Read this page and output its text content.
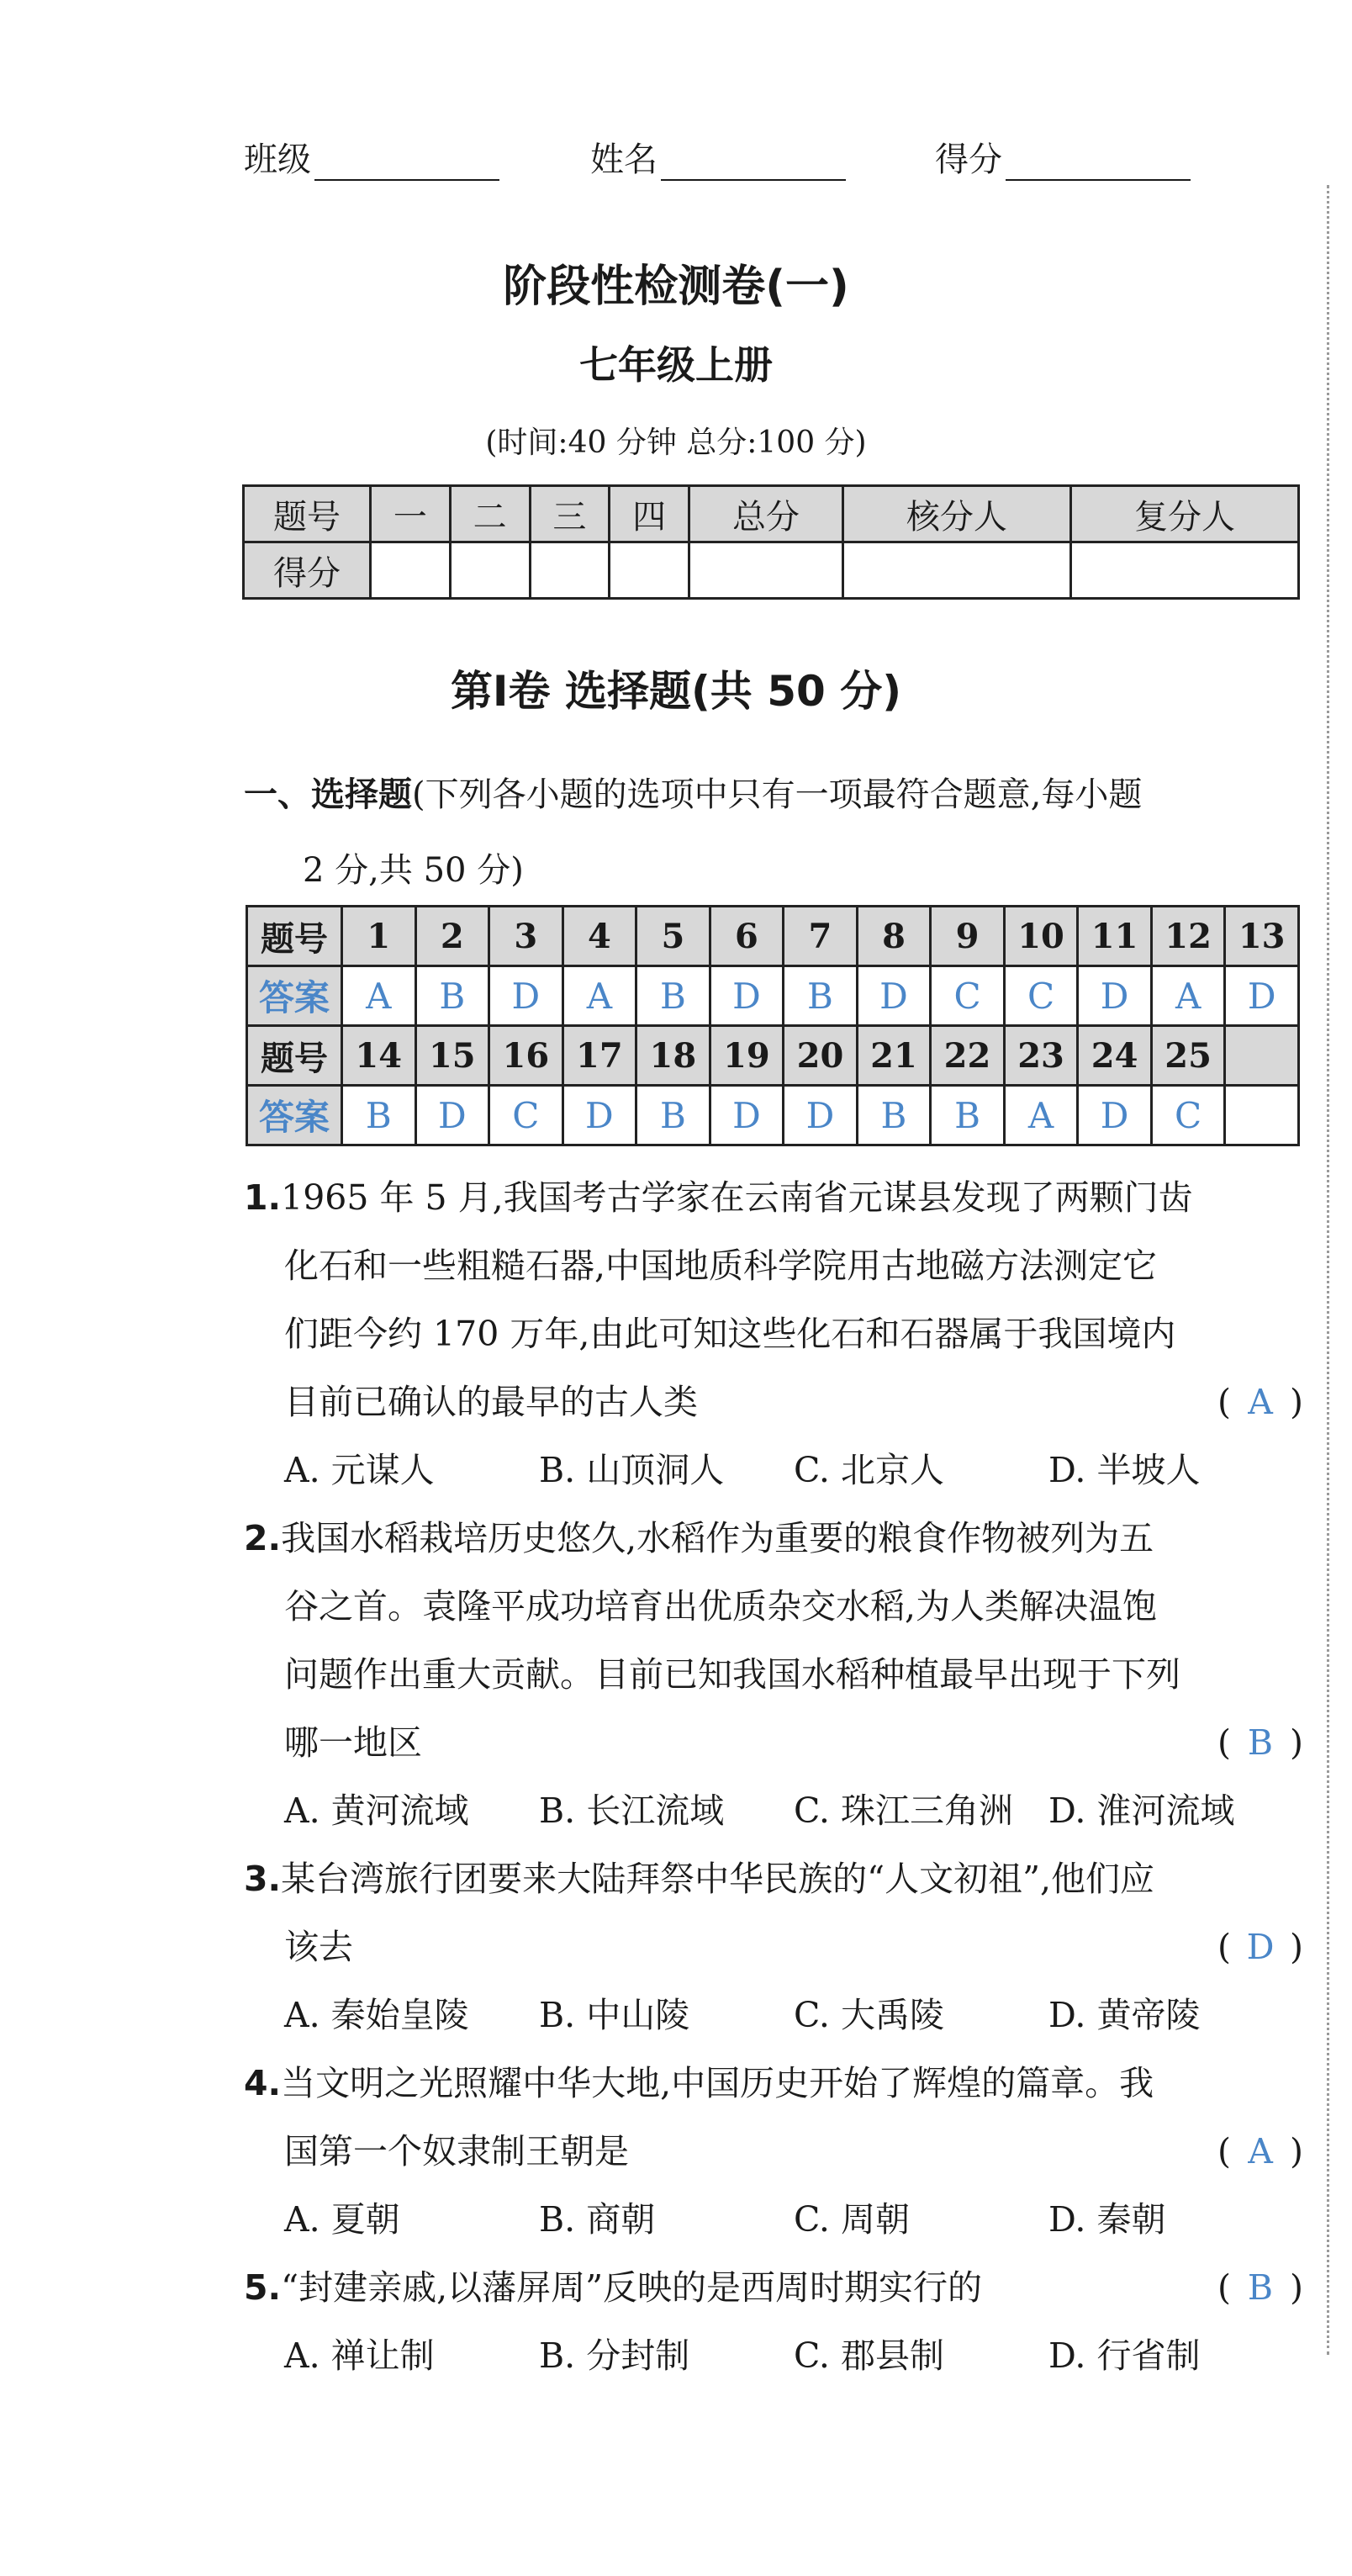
班级	姓名	得分
阶段性检测卷(一)
七年级上册
(时间:40 分钟 总分:100 分)
题号	一	二	三	四	总分	核分人	复分人
得分							
第Ⅰ卷 选择题(共 50 分)
一、选择题(下列各小题的选项中只有一项最符合题意,每小题
2 分,共 50 分)
题号	1	2	3	4	5	6	7	8	9	10	11	12	13
答案	A	B	D	A	B	D	B	D	C	C	D	A	D
题号	14	15	16	17	18	19	20	21	22	23	24	25	
答案	B	D	C	D	B	D	D	B	B	A	D	C	
1.1965 年 5 月,我国考古学家在云南省元谋县发现了两颗门齿
化石和一些粗糙石器,中国地质科学院用古地磁方法测定它
们距今约 170 万年,由此可知这些化石和石器属于我国境内
目前已确认的最早的古人类	( A )
A. 元谋人	B. 山顶洞人	C. 北京人	D. 半坡人
2.我国水稻栽培历史悠久,水稻作为重要的粮食作物被列为五
谷之首。袁隆平成功培育出优质杂交水稻,为人类解决温饱
问题作出重大贡献。目前已知我国水稻种植最早出现于下列
哪一地区	( B )
A. 黄河流域	B. 长江流域	C. 珠江三角洲	D. 淮河流域
3.某台湾旅行团要来大陆拜祭中华民族的“人文初祖”,他们应
该去	( D )
A. 秦始皇陵	B. 中山陵	C. 大禹陵	D. 黄帝陵
4.当文明之光照耀中华大地,中国历史开始了辉煌的篇章。我
国第一个奴隶制王朝是	( A )
A. 夏朝	B. 商朝	C. 周朝	D. 秦朝
5.“封建亲戚,以藩屏周”反映的是西周时期实行的	( B )
A. 禅让制	B. 分封制	C. 郡县制	D. 行省制
